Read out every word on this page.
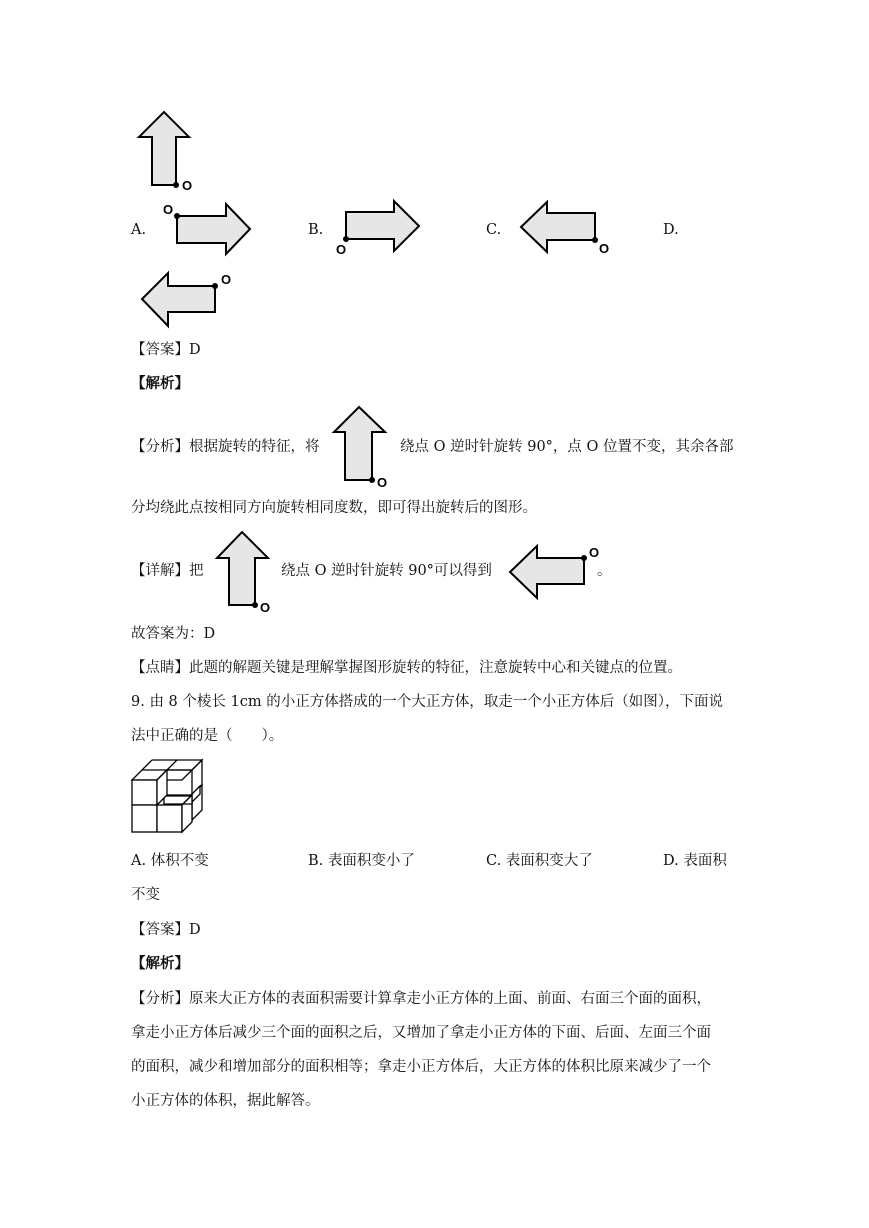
O
A.
O
B.
O
C.
O
D.
O
【答案】D
【解析】
【分析】根据旋转的特征，将
O
绕点 O 逆时针旋转 90°，点 O 位置不变，其余各部
分均绕此点按相同方向旋转相同度数，即可得出旋转后的图形。
【详解】把
O
绕点 O 逆时针旋转 90°可以得到
O
。
故答案为：D
【点睛】此题的解题关键是理解掌握图形旋转的特征，注意旋转中心和关键点的位置。
9. 由 8 个棱长 1cm 的小正方体搭成的一个大正方体，取走一个小正方体后（如图），下面说
法中正确的是（　　）。
A. 体积不变	B. 表面积变小了	C. 表面积变大了	D. 表面积
不变
【答案】D
【解析】
【分析】原来大正方体的表面积需要计算拿走小正方体的上面、前面、右面三个面的面积，
拿走小正方体后减少三个面的面积之后，又增加了拿走小正方体的下面、后面、左面三个面
的面积，减少和增加部分的面积相等；拿走小正方体后，大正方体的体积比原来减少了一个
小正方体的体积，据此解答。
